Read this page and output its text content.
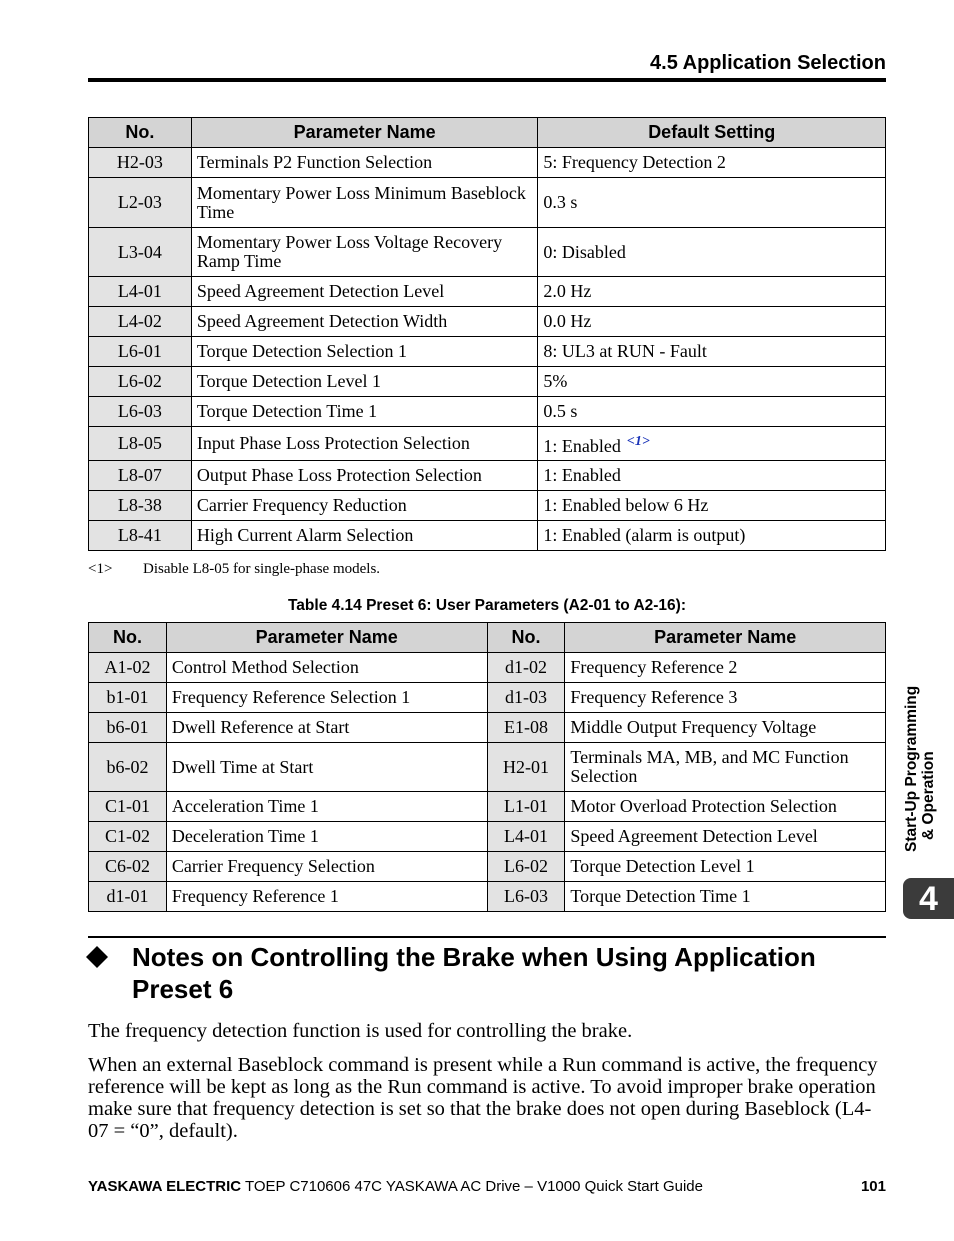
4.5 Application Selection
No.	Parameter Name	Default Setting
H2-03	Terminals P2 Function Selection	5: Frequency Detection 2
L2-03	Momentary Power Loss Minimum Baseblock Time	0.3 s
L3-04	Momentary Power Loss Voltage Recovery Ramp Time	0: Disabled
L4-01	Speed Agreement Detection Level	2.0 Hz
L4-02	Speed Agreement Detection Width	0.0 Hz
L6-01	Torque Detection Selection 1	8: UL3 at RUN - Fault
L6-02	Torque Detection Level 1	5%
L6-03	Torque Detection Time 1	0.5 s
L8-05	Input Phase Loss Protection Selection	1: Enabled $^{<1>}$
L8-07	Output Phase Loss Protection Selection	1: Enabled
L8-38	Carrier Frequency Reduction	1: Enabled below 6 Hz
L8-41	High Current Alarm Selection	1: Enabled (alarm is output)
<1> Disable L8-05 for single-phase models.
Table 4.14 Preset 6: User Parameters (A2-01 to A2-16):
No.	Parameter Name	No.	Parameter Name
A1-02	Control Method Selection	d1-02	Frequency Reference 2
b1-01	Frequency Reference Selection 1	d1-03	Frequency Reference 3
b6-01	Dwell Reference at Start	E1-08	Middle Output Frequency Voltage
b6-02	Dwell Time at Start	H2-01	Terminals MA, MB, and MC Function Selection
C1-01	Acceleration Time 1	L1-01	Motor Overload Protection Selection
C1-02	Deceleration Time 1	L4-01	Speed Agreement Detection Level
C6-02	Carrier Frequency Selection	L6-02	Torque Detection Level 1
d1-01	Frequency Reference 1	L6-03	Torque Detection Time 1
Notes on Controlling the Brake when Using Application Preset 6
The frequency detection function is used for controlling the brake.
When an external Baseblock command is present while a Run command is active, the frequency reference will be kept as long as the Run command is active. To avoid improper brake operation make sure that frequency detection is set so that the brake does not open during Baseblock (L4-07 = “0”, default).
Start-Up Programming & Operation
4
YASKAWA ELECTRIC TOEP C710606 47C YASKAWA AC Drive – V1000 Quick Start Guide	101
